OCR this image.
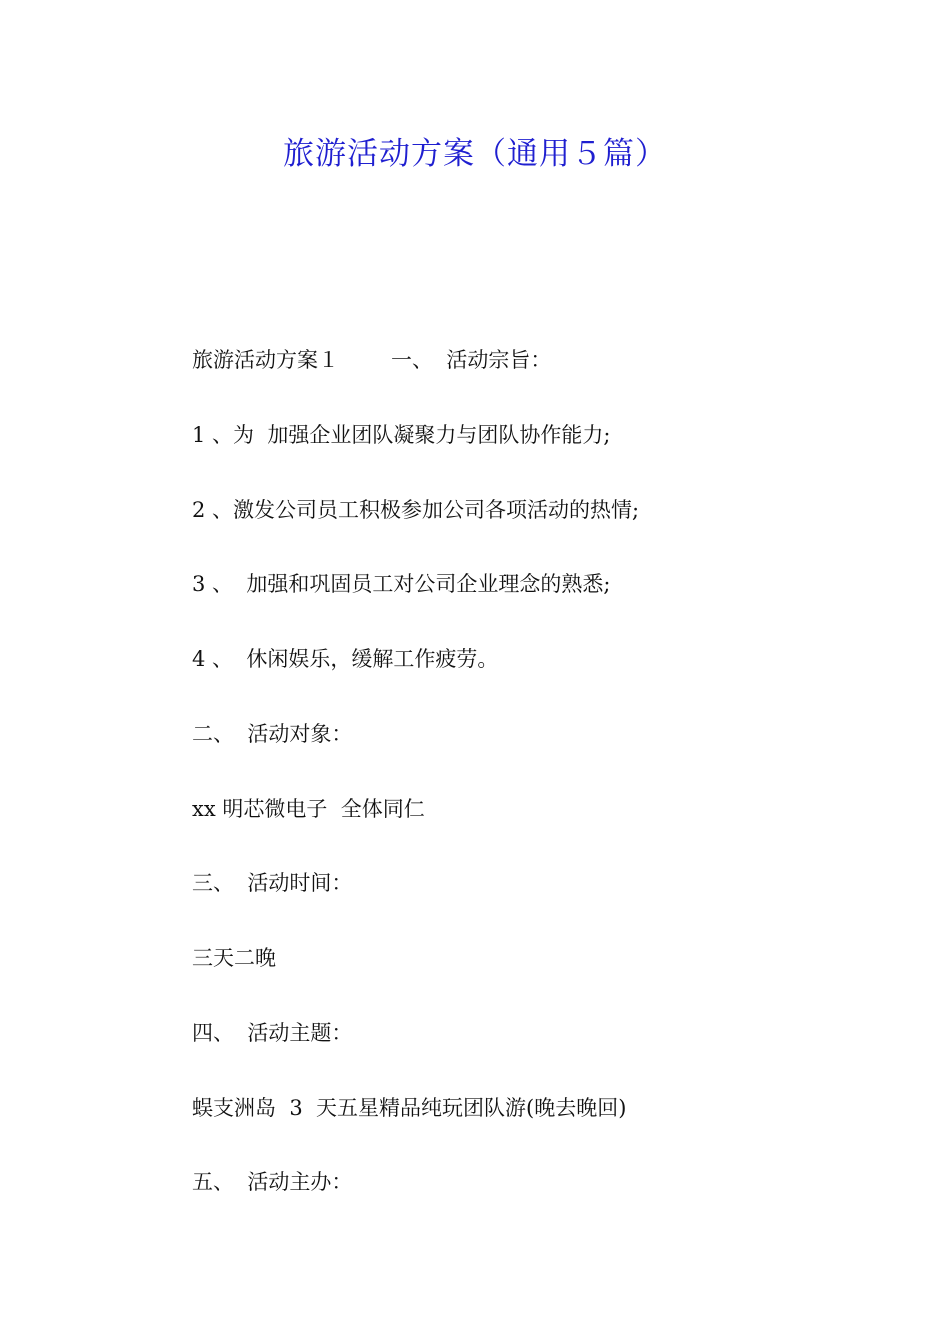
旅游活动方案（通用５篇）
旅游活动方案１ 一、  活动宗旨：
1 、为  加强企业团队凝聚力与团队协作能力;
2 、激发公司员工积极参加公司各项活动的热情;
3 、  加强和巩固员工对公司企业理念的熟悉;
4 、  休闲娱乐，缓解工作疲劳。
二、  活动对象：
xx 明芯微电子  全体同仁
三、  活动时间：
三天二晚
四、  活动主题：
蜈支洲岛  3  天五星精品纯玩团队游(晚去晚回)
五、  活动主办：
